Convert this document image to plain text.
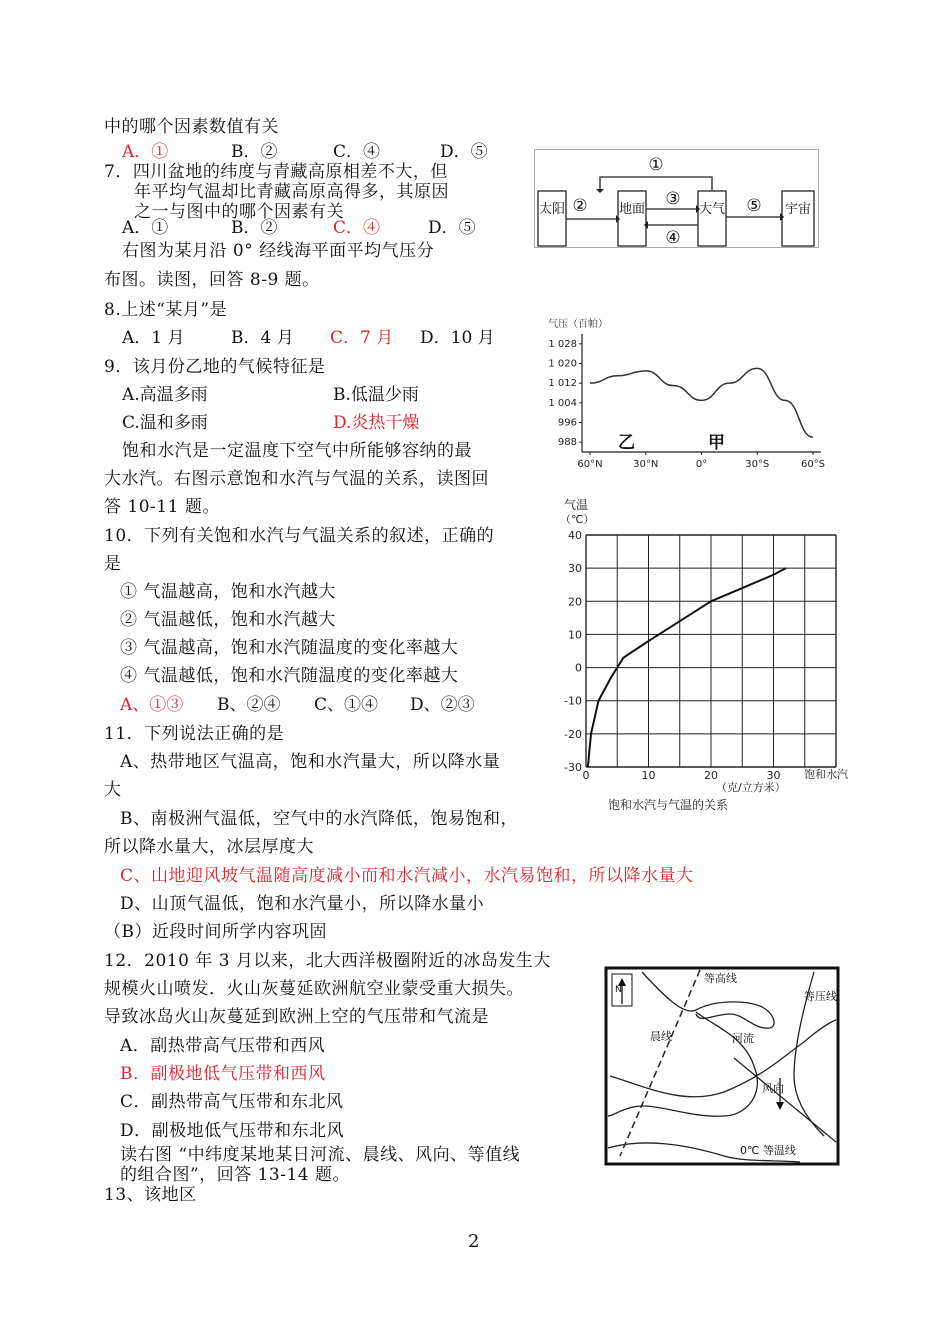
中的哪个因素数值有关
A．①	B．②	C．④	D．⑤
7．四川盆地的纬度与青藏高原相差不大，但
年平均气温却比青藏高原高得多，其原因
之一与图中的哪个因素有关
A．①	B．②	C．④	D．⑤
右图为某月沿 0° 经线海平面平均气压分
布图。读图，回答 8-9 题。
8.上述“某月”是
A．1 月	B．4 月 C．7 月 D．10 月
9．该月份乙地的气候特征是
A.高温多雨	B.低温少雨
C.温和多雨	D.炎热干燥
饱和水汽是一定温度下空气中所能够容纳的最
大水汽。右图示意饱和水汽与气温的关系，读图回
答 10-11 题。
10．下列有关饱和水汽与气温关系的叙述，正确的
是
① 气温越高，饱和水汽越大
② 气温越低，饱和水汽越大
③ 气温越高，饱和水汽随温度的变化率越大
④ 气温越低，饱和水汽随温度的变化率越大
A、①③ B、②④ C、①④ D、②③
11．下列说法正确的是
A、热带地区气温高，饱和水汽量大，所以降水量
大
B、南极洲气温低，空气中的水汽降低，饱易饱和，
所以降水量大，冰层厚度大
C、山地迎风坡气温随高度减小而和水汽减小，水汽易饱和，所以降水量大
D、山顶气温低，饱和水汽量小，所以降水量小
（B）近段时间所学内容巩固
12．2010 年 3 月以来，北大西洋极圈附近的冰岛发生大
规模火山喷发．火山灰蔓延欧洲航空业蒙受重大损失。
导致冰岛火山灰蔓延到欧洲上空的气压带和气流是
A．副热带高气压带和西风
B．副极地低气压带和西风
C．副热带高气压带和东北风
D．副极地低气压带和东北风
读右图 “中纬度某地某日河流、晨线、风向、等值线
的组合图”，回答 13-14 题。
13、该地区
2
太阳	地面	大气	宇宙
①
②	③
④
⑤
气压（百帕）
1 028
1 020
1 012
1 004
996
988
60°N	30°N	0°	30°S	60°S
乙	甲
气温
（℃）
40
30
20
10
0
-10
-20
-30
0	10	20	30 饱和水汽
（克/立方米）
饱和水汽与气温的关系
N
等高线
等压线
晨线	河流
风向
0℃ 等温线
